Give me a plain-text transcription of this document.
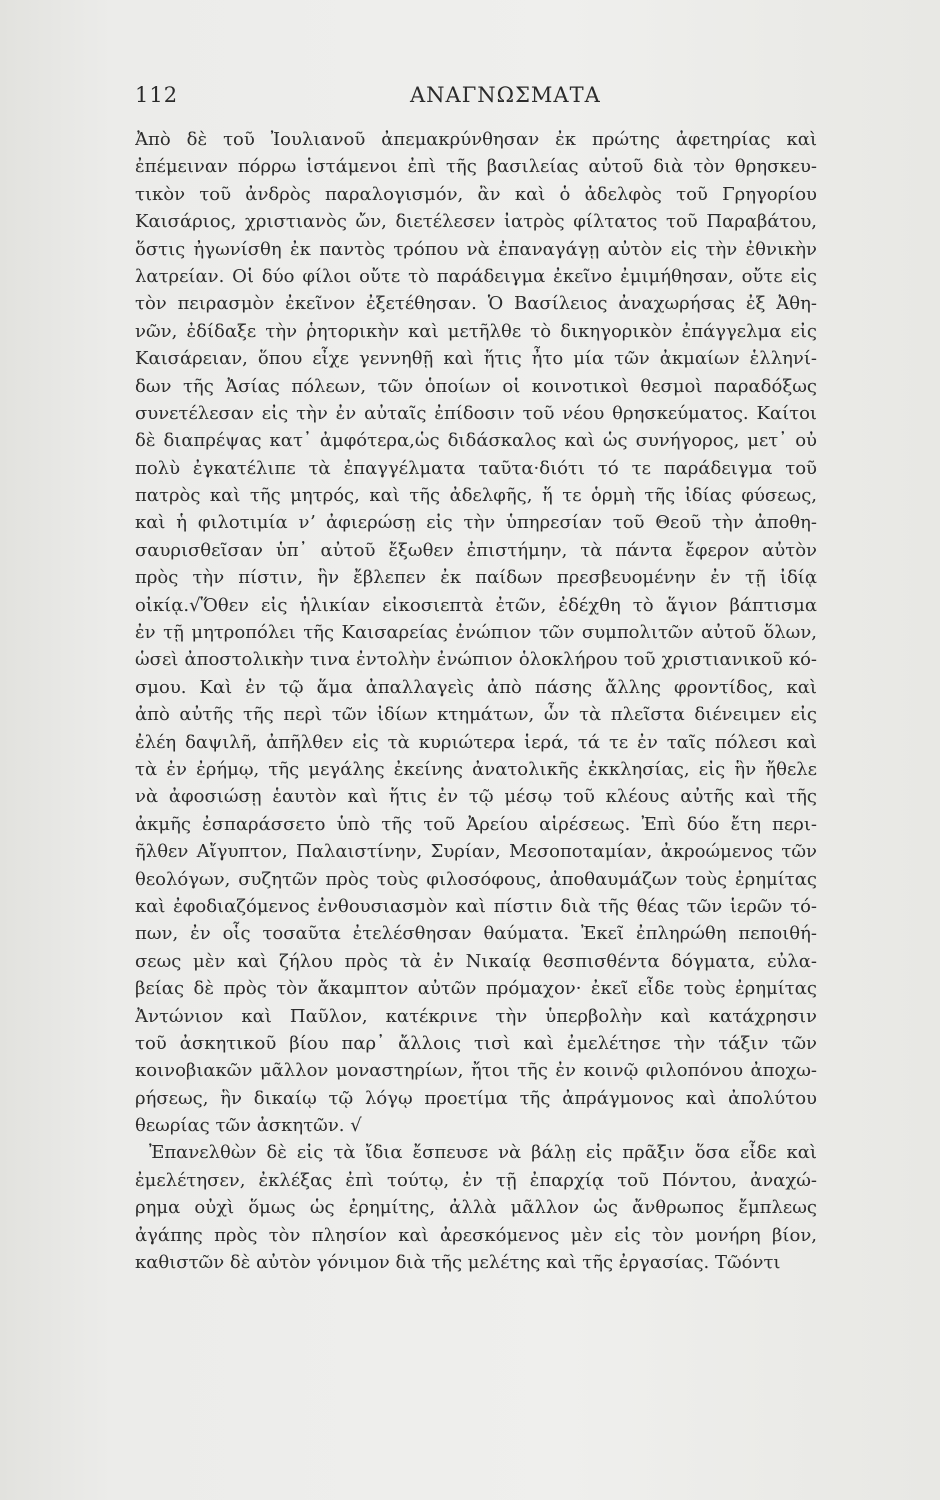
112	ΑΝΑΓΝΩΣΜΑΤΑ
Ἀπὸ δὲ τοῦ Ἰουλιανοῦ ἀπεμακρύνθησαν ἐκ πρώτης ἀφετηρίας καὶ
ἐπέμειναν πόρρω ἱστάμενοι ἐπὶ τῆς βασιλείας αὐτοῦ διὰ τὸν θρησκευ-
τικὸν τοῦ ἀνδρὸς παραλογισμόν, ἂν καὶ ὁ ἀδελφὸς τοῦ Γρηγορίου
Καισάριος, χριστιανὸς ὤν, διετέλεσεν ἰατρὸς φίλτατος τοῦ Παραβάτου,
ὅστις ἠγωνίσθη ἐκ παντὸς τρόπου νὰ ἐπαναγάγῃ αὐτὸν εἰς τὴν ἐθνικὴν
λατρείαν. Οἱ δύο φίλοι οὔτε τὸ παράδειγμα ἐκεῖνο ἐμιμήθησαν, οὔτε εἰς
τὸν πειρασμὸν ἐκεῖνον ἐξετέθησαν. Ὁ Βασίλειος ἀναχωρήσας ἐξ Ἀθη-
νῶν, ἐδίδαξε τὴν ῥητορικὴν καὶ μετῆλθε τὸ δικηγορικὸν ἐπάγγελμα εἰς
Καισάρειαν, ὅπου εἶχε γεννηθῇ καὶ ἥτις ἦτο μία τῶν ἀκμαίων ἑλληνί-
δων τῆς Ἀσίας πόλεων, τῶν ὁποίων οἱ κοινοτικοὶ θεσμοὶ παραδόξως
συνετέλεσαν εἰς τὴν ἐν αὐταῖς ἐπίδοσιν τοῦ νέου θρησκεύματος. Καίτοι
δὲ διαπρέψας κατ᾽ ἀμφότερα,ὡς διδάσκαλος καὶ ὡς συνήγορος, μετ᾽ οὐ
πολὺ ἐγκατέλιπε τὰ ἐπαγγέλματα ταῦτα·διότι τό τε παράδειγμα τοῦ
πατρὸς καὶ τῆς μητρός, καὶ τῆς ἀδελφῆς, ἥ τε ὁρμὴ τῆς ἰδίας φύσεως,
καὶ ἡ φιλοτιμία νʼ ἀφιερώσῃ εἰς τὴν ὑπηρεσίαν τοῦ Θεοῦ τὴν ἀποθη-
σαυρισθεῖσαν ὑπ᾽ αὐτοῦ ἔξωθεν ἐπιστήμην, τὰ πάντα ἔφερον αὐτὸν
πρὸς τὴν πίστιν, ἣν ἔβλεπεν ἐκ παίδων πρεσβευομένην ἐν τῇ ἰδίᾳ
οἰκίᾳ.√Ὅθεν εἰς ἡλικίαν εἰκοσιεπτὰ ἐτῶν, ἐδέχθη τὸ ἅγιον βάπτισμα
ἐν τῇ μητροπόλει τῆς Καισαρείας ἐνώπιον τῶν συμπολιτῶν αὐτοῦ ὅλων,
ὡσεὶ ἀποστολικὴν τινα ἐντολὴν ἐνώπιον ὁλοκλήρου τοῦ χριστιανικοῦ κό-
σμου. Καὶ ἐν τῷ ἅμα ἀπαλλαγεὶς ἀπὸ πάσης ἄλλης φροντίδος, καὶ
ἀπὸ αὐτῆς τῆς περὶ τῶν ἰδίων κτημάτων, ὧν τὰ πλεῖστα διένειμεν εἰς
ἐλέη δαψιλῆ, ἀπῆλθεν εἰς τὰ κυριώτερα ἱερά, τά τε ἐν ταῖς πόλεσι καὶ
τὰ ἐν ἐρήμῳ, τῆς μεγάλης ἐκείνης ἀνατολικῆς ἐκκλησίας, εἰς ἣν ἤθελε
νὰ ἀφοσιώσῃ ἑαυτὸν καὶ ἥτις ἐν τῷ μέσῳ τοῦ κλέους αὐτῆς καὶ τῆς
ἀκμῆς ἐσπαράσσετο ὑπὸ τῆς τοῦ Ἀρείου αἱρέσεως. Ἐπὶ δύο ἔτη περι-
ῆλθεν Αἴγυπτον, Παλαιστίνην, Συρίαν, Μεσοποταμίαν, ἀκροώμενος τῶν
θεολόγων, συζητῶν πρὸς τοὺς φιλοσόφους, ἀποθαυμάζων τοὺς ἐρημίτας
καὶ ἐφοδιαζόμενος ἐνθουσιασμὸν καὶ πίστιν διὰ τῆς θέας τῶν ἱερῶν τό-
πων, ἐν οἷς τοσαῦτα ἐτελέσθησαν θαύματα. Ἐκεῖ ἐπληρώθη πεποιθή-
σεως μὲν καὶ ζήλου πρὸς τὰ ἐν Νικαίᾳ θεσπισθέντα δόγματα, εὐλα-
βείας δὲ πρὸς τὸν ἄκαμπτον αὐτῶν πρόμαχον· ἐκεῖ εἶδε τοὺς ἐρημίτας
Ἀντώνιον καὶ Παῦλον, κατέκρινε τὴν ὑπερβολὴν καὶ κατάχρησιν
τοῦ ἀσκητικοῦ βίου παρ᾽ ἄλλοις τισὶ καὶ ἐμελέτησε τὴν τάξιν τῶν
κοινοβιακῶν μᾶλλον μοναστηρίων, ἤτοι τῆς ἐν κοινῷ φιλοπόνου ἀποχω-
ρήσεως, ἣν δικαίῳ τῷ λόγῳ προετίμα τῆς ἀπράγμονος καὶ ἀπολύτου
θεωρίας τῶν ἀσκητῶν. √
Ἐπανελθὼν δὲ εἰς τὰ ἴδια ἔσπευσε νὰ βάλῃ εἰς πρᾶξιν ὅσα εἶδε καὶ
ἐμελέτησεν, ἐκλέξας ἐπὶ τούτῳ, ἐν τῇ ἐπαρχίᾳ τοῦ Πόντου, ἀναχώ-
ρημα οὐχὶ ὅμως ὡς ἐρημίτης, ἀλλὰ μᾶλλον ὡς ἄνθρωπος ἔμπλεως
ἀγάπης πρὸς τὸν πλησίον καὶ ἀρεσκόμενος μὲν εἰς τὸν μονήρη βίον,
καθιστῶν δὲ αὐτὸν γόνιμον διὰ τῆς μελέτης καὶ τῆς ἐργασίας. Τῶόντι
